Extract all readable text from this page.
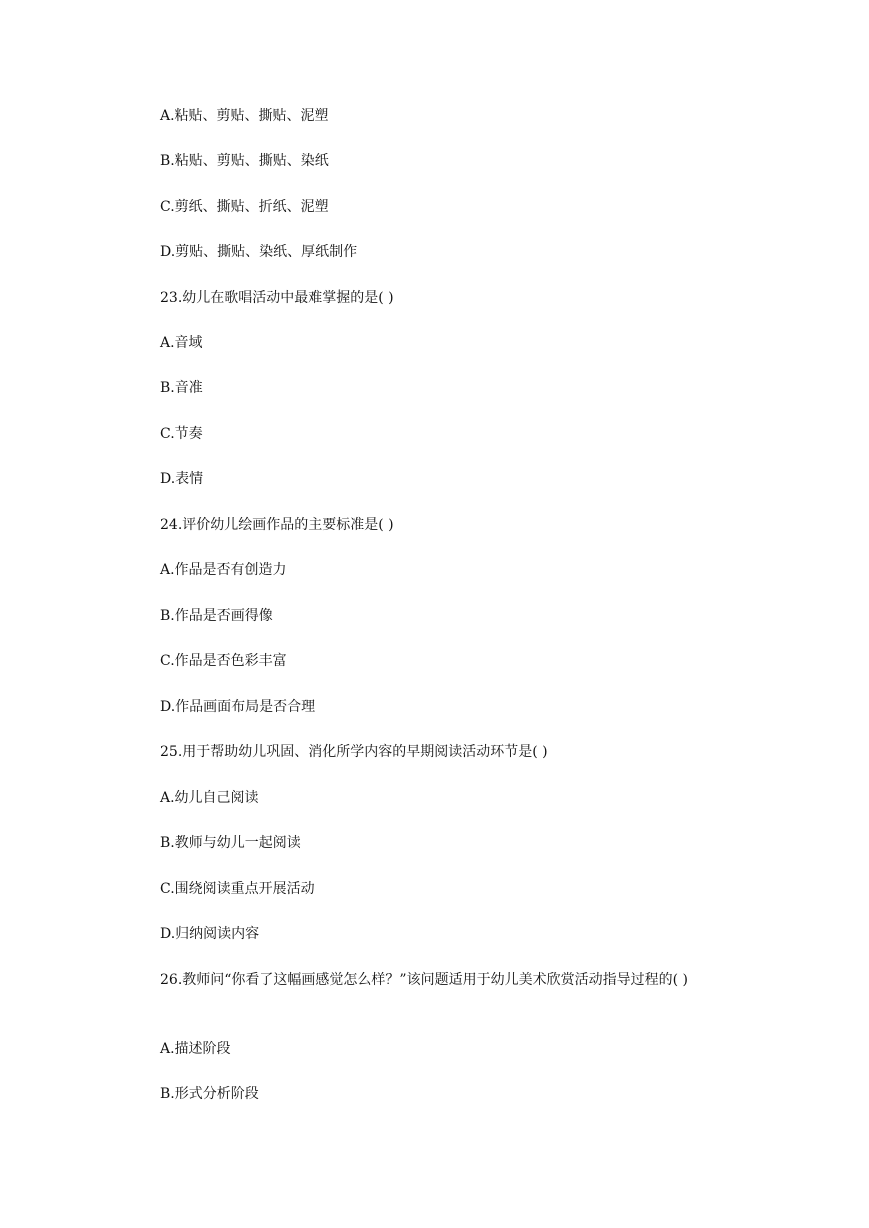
A.粘贴、剪贴、撕贴、泥塑
B.粘贴、剪贴、撕贴、染纸
C.剪纸、撕贴、折纸、泥塑
D.剪贴、撕贴、染纸、厚纸制作
23.幼儿在歌唱活动中最难掌握的是( )
A.音域
B.音准
C.节奏
D.表情
24.评价幼儿绘画作品的主要标准是( )
A.作品是否有创造力
B.作品是否画得像
C.作品是否色彩丰富
D.作品画面布局是否合理
25.用于帮助幼儿巩固、消化所学内容的早期阅读活动环节是( )
A.幼儿自己阅读
B.教师与幼儿一起阅读
C.围绕阅读重点开展活动
D.归纳阅读内容
26.教师问“你看了这幅画感觉怎么样？”该问题适用于幼儿美术欣赏活动指导过程的( )
A.描述阶段
B.形式分析阶段
